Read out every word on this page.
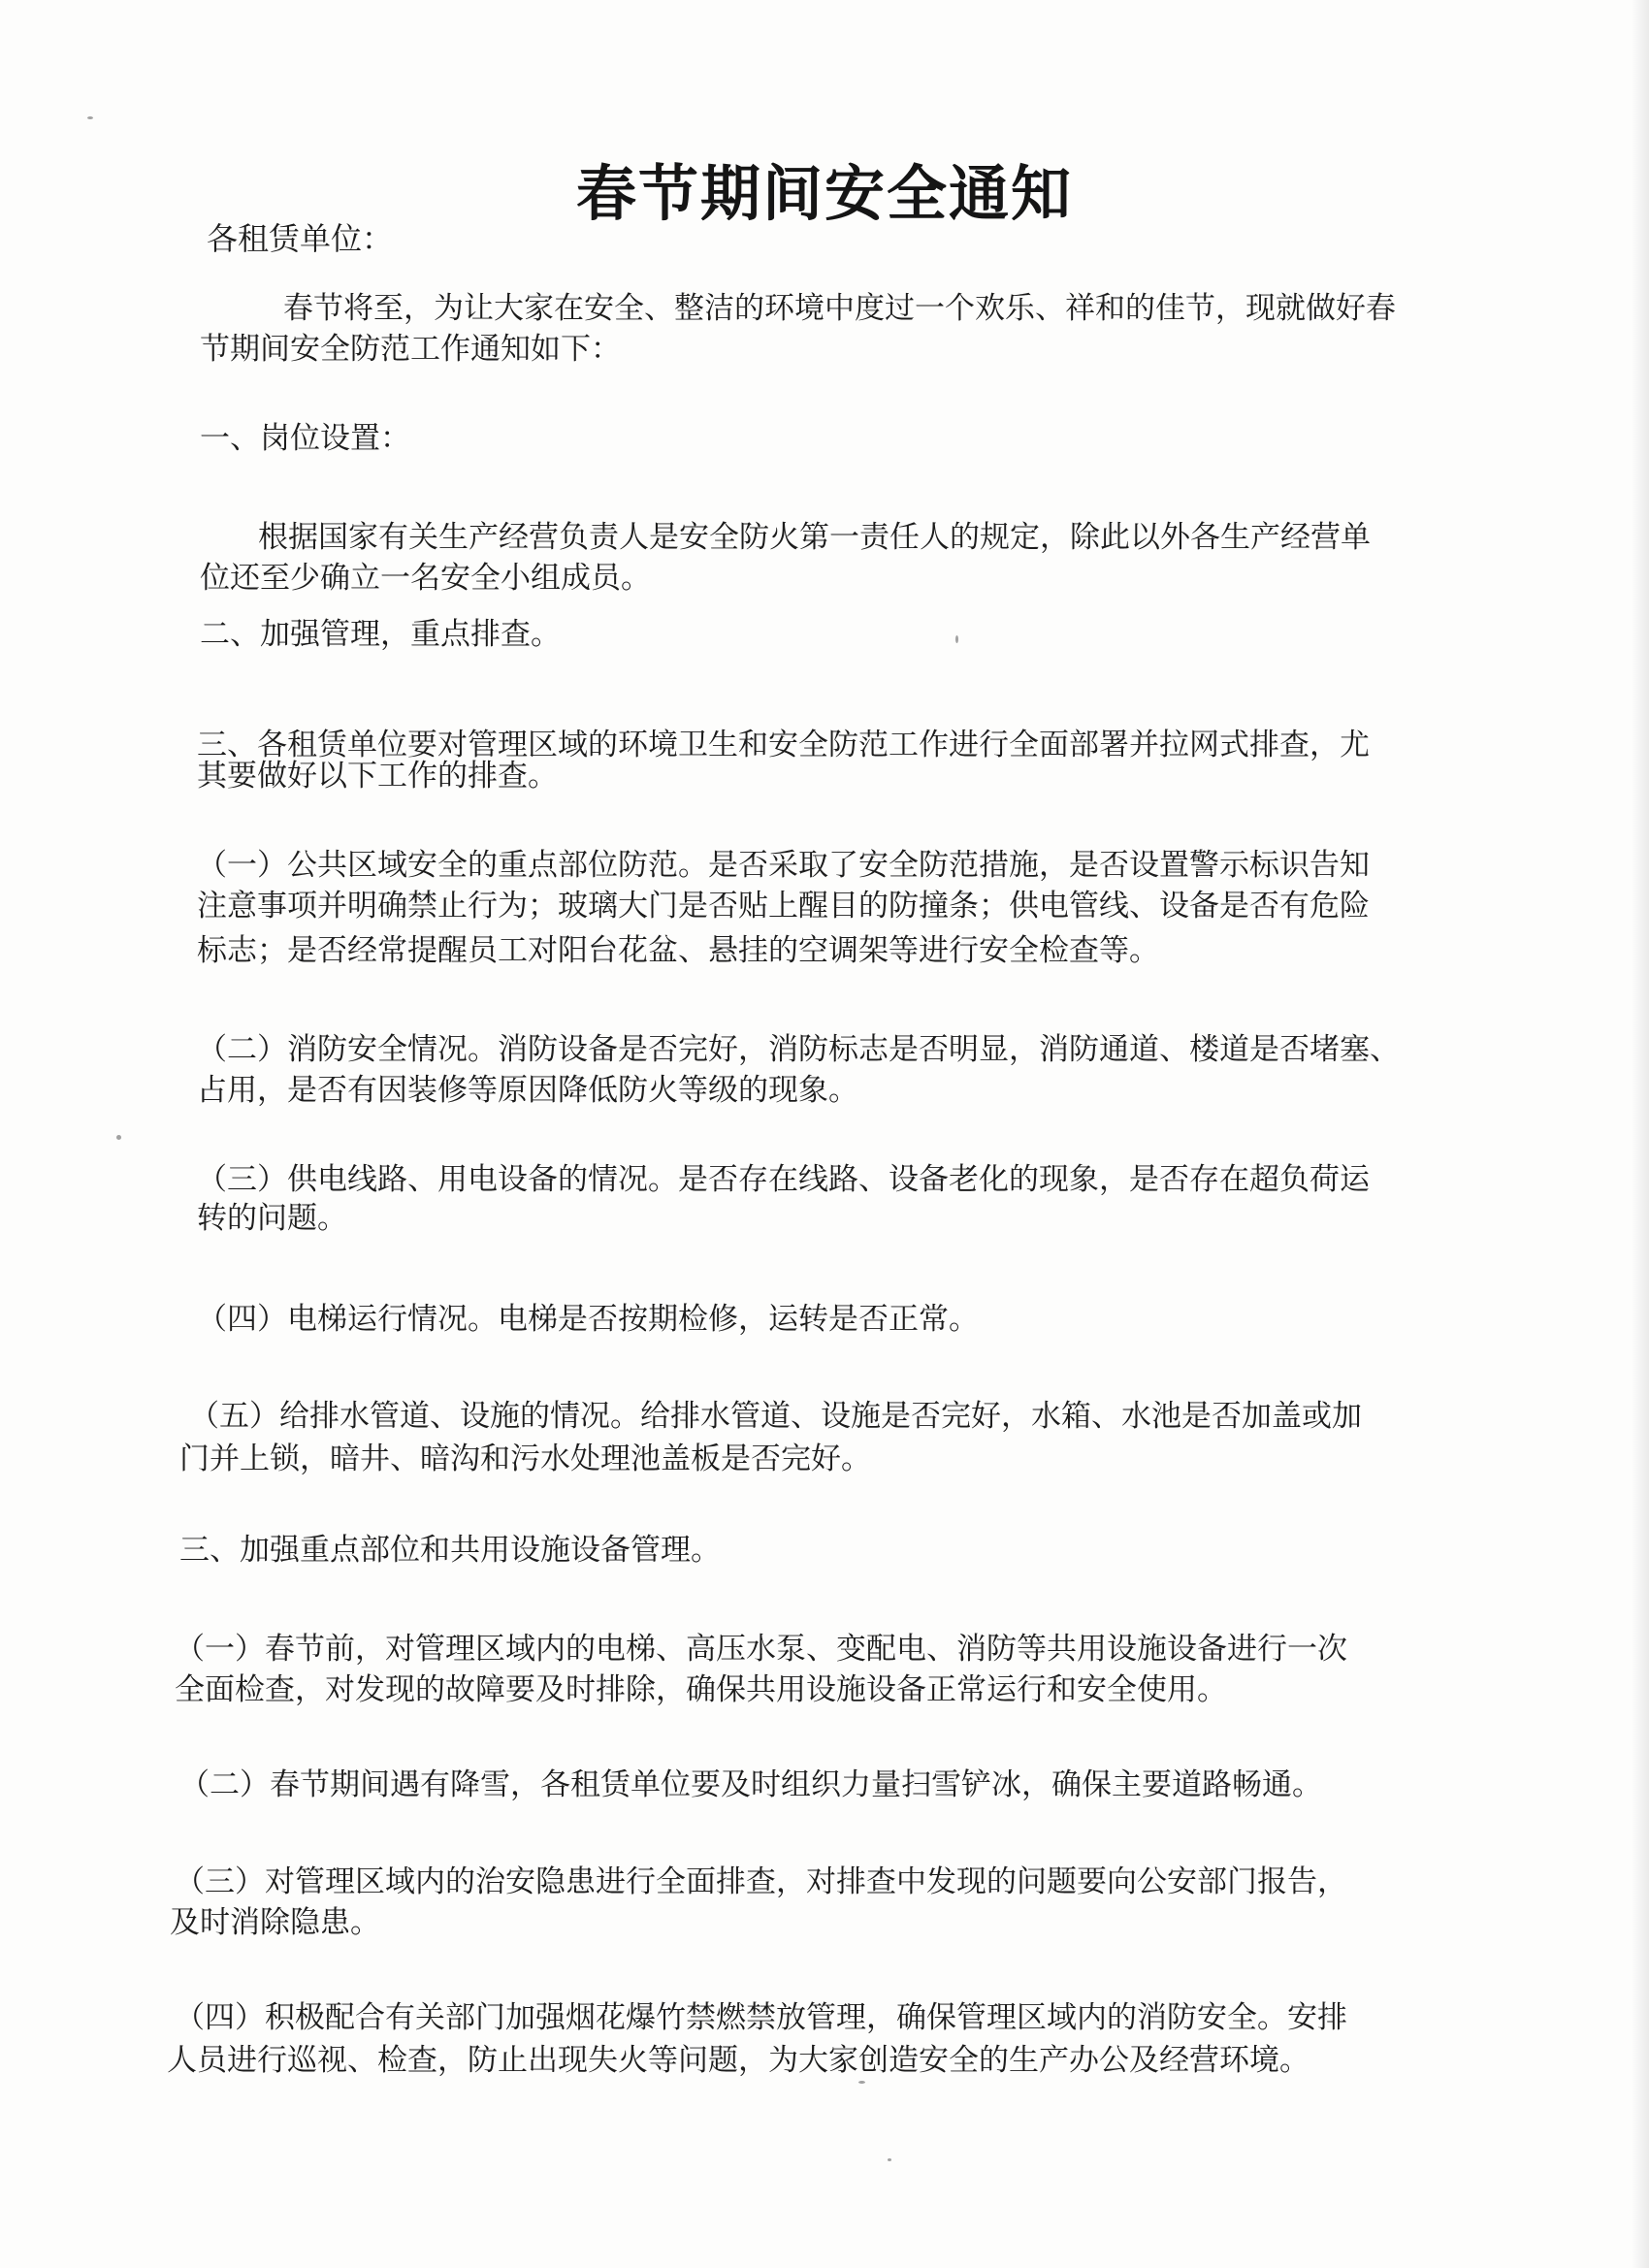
春节期间安全通知
各租赁单位：
春节将至，为让大家在安全、整洁的环境中度过一个欢乐、祥和的佳节，现就做好春
节期间安全防范工作通知如下：
一、岗位设置：
根据国家有关生产经营负责人是安全防火第一责任人的规定，除此以外各生产经营单
位还至少确立一名安全小组成员。
二、加强管理，重点排查。
三、各租赁单位要对管理区域的环境卫生和安全防范工作进行全面部署并拉网式排查，尤
其要做好以下工作的排查。
（一）公共区域安全的重点部位防范。是否采取了安全防范措施，是否设置警示标识告知
注意事项并明确禁止行为；玻璃大门是否贴上醒目的防撞条；供电管线、设备是否有危险
标志；是否经常提醒员工对阳台花盆、悬挂的空调架等进行安全检查等。
（二）消防安全情况。消防设备是否完好，消防标志是否明显，消防通道、楼道是否堵塞、
占用，是否有因装修等原因降低防火等级的现象。
（三）供电线路、用电设备的情况。是否存在线路、设备老化的现象，是否存在超负荷运
转的问题。
（四）电梯运行情况。电梯是否按期检修，运转是否正常。
（五）给排水管道、设施的情况。给排水管道、设施是否完好，水箱、水池是否加盖或加
门并上锁，暗井、暗沟和污水处理池盖板是否完好。
三、加强重点部位和共用设施设备管理。
（一）春节前，对管理区域内的电梯、高压水泵、变配电、消防等共用设施设备进行一次
全面检查，对发现的故障要及时排除，确保共用设施设备正常运行和安全使用。
（二）春节期间遇有降雪，各租赁单位要及时组织力量扫雪铲冰，确保主要道路畅通。
（三）对管理区域内的治安隐患进行全面排查，对排查中发现的问题要向公安部门报告，
及时消除隐患。
（四）积极配合有关部门加强烟花爆竹禁燃禁放管理，确保管理区域内的消防安全。安排
人员进行巡视、检查，防止出现失火等问题，为大家创造安全的生产办公及经营环境。
